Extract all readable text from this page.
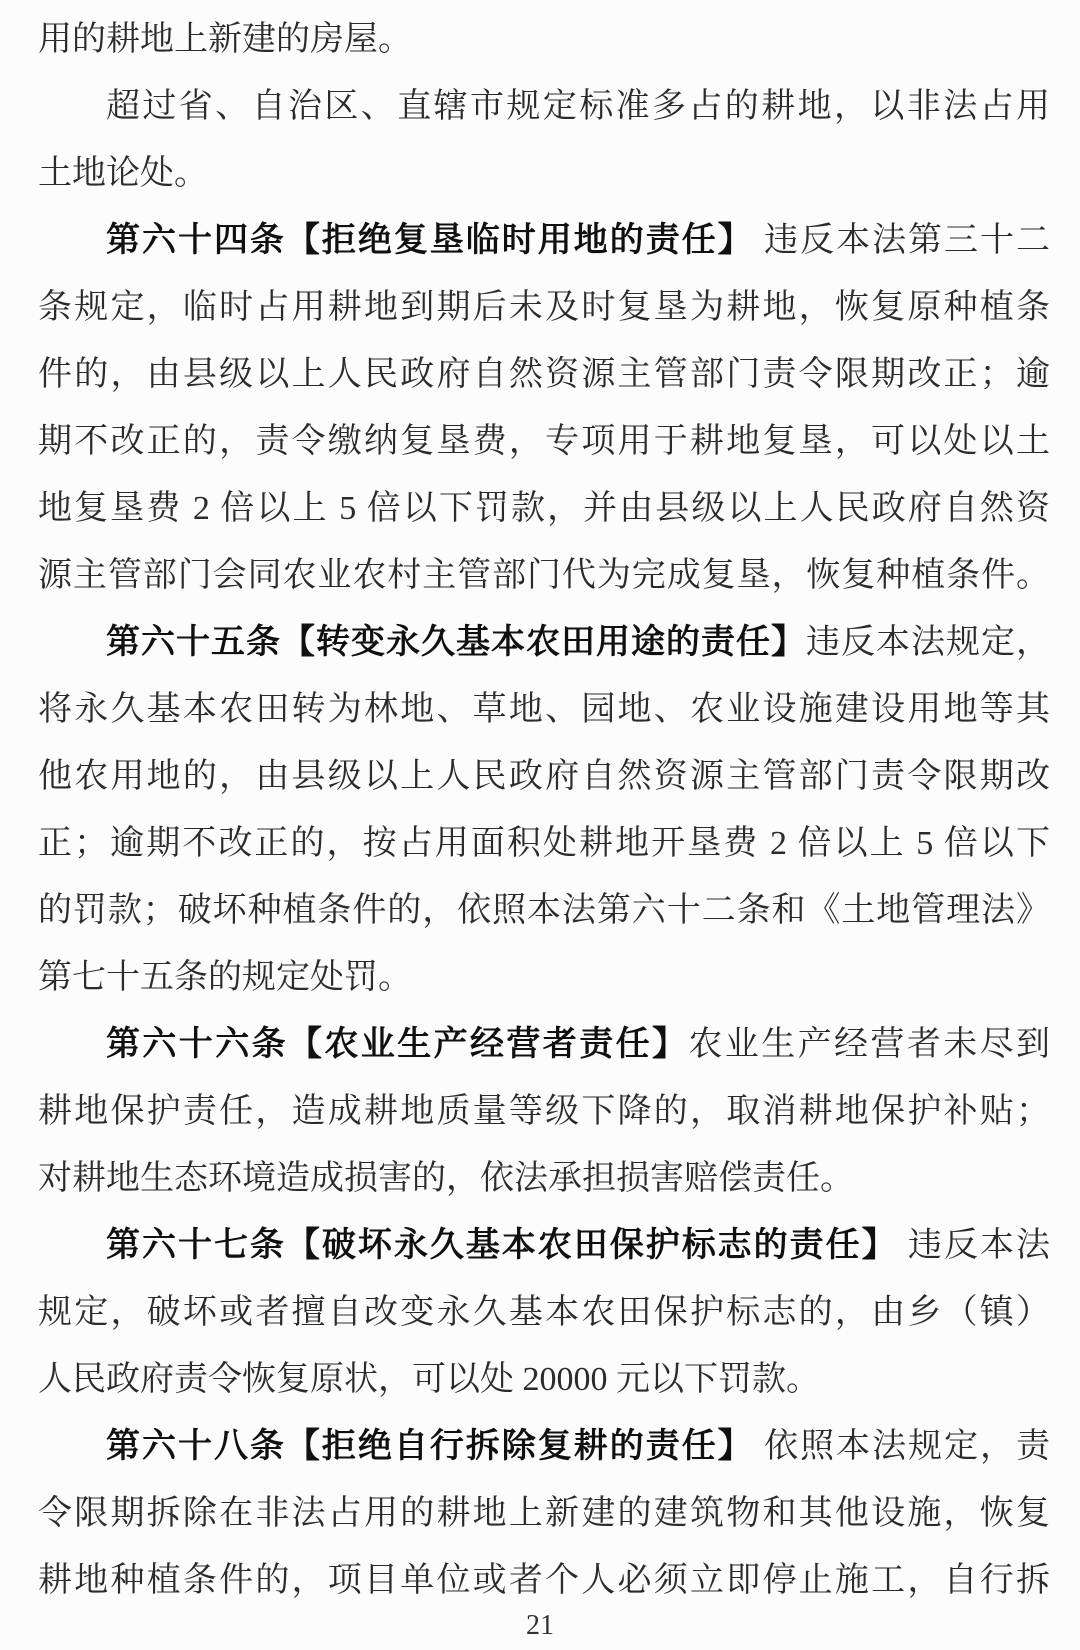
用的耕地上新建的房屋。
超过省、自治区、直辖市规定标准多占的耕地，以非法占用
土地论处。
第六十四条【拒绝复垦临时用地的责任】 违反本法第三十二
条规定，临时占用耕地到期后未及时复垦为耕地，恢复原种植条
件的，由县级以上人民政府自然资源主管部门责令限期改正；逾
期不改正的，责令缴纳复垦费，专项用于耕地复垦，可以处以土
地复垦费 2 倍以上 5 倍以下罚款，并由县级以上人民政府自然资
源主管部门会同农业农村主管部门代为完成复垦，恢复种植条件。
第六十五条【转变永久基本农田用途的责任】违反本法规定，
将永久基本农田转为林地、草地、园地、农业设施建设用地等其
他农用地的，由县级以上人民政府自然资源主管部门责令限期改
正；逾期不改正的，按占用面积处耕地开垦费 2 倍以上 5 倍以下
的罚款；破坏种植条件的，依照本法第六十二条和《土地管理法》
第七十五条的规定处罚。
第六十六条【农业生产经营者责任】农业生产经营者未尽到
耕地保护责任，造成耕地质量等级下降的，取消耕地保护补贴；
对耕地生态环境造成损害的，依法承担损害赔偿责任。
第六十七条【破坏永久基本农田保护标志的责任】 违反本法
规定，破坏或者擅自改变永久基本农田保护标志的，由乡（镇）
人民政府责令恢复原状，可以处 20000 元以下罚款。
第六十八条【拒绝自行拆除复耕的责任】 依照本法规定，责
令限期拆除在非法占用的耕地上新建的建筑物和其他设施，恢复
耕地种植条件的，项目单位或者个人必须立即停止施工，自行拆
21
